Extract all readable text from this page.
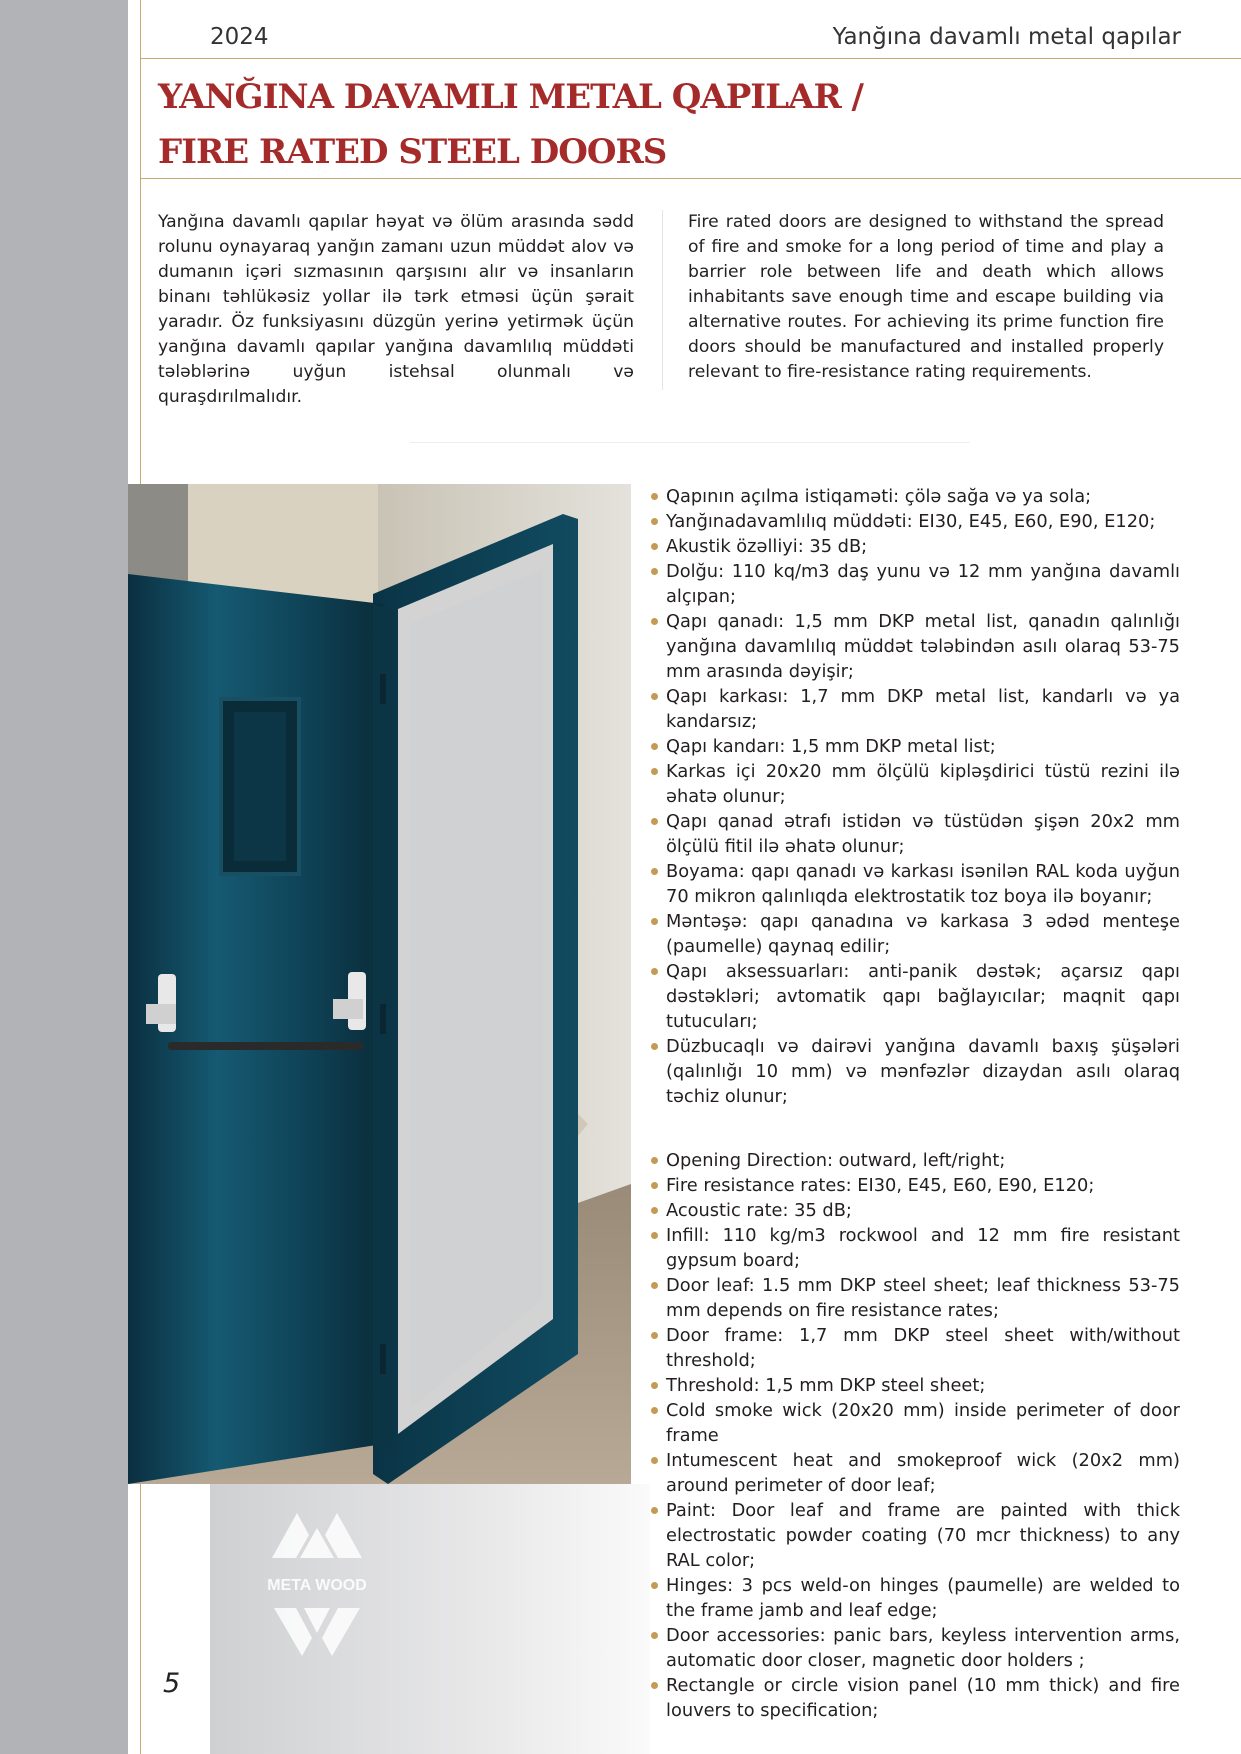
2024	Yanğına davamlı metal qapılar
YANĞINA DAVAMLI METAL QAPILAR /
FIRE RATED STEEL DOORS

Yanğına davamlı qapılar həyat və ölüm arasında sədd rolunu oynayaraq yanğın zamanı uzun müddət alov və dumanın içəri sızmasının qarşısını alır və insanların binanı təhlükəsiz yollar ilə tərk etməsi üçün şərait yaradır. Öz funksiyasını düzgün yerinə yetirmək üçün yanğına davamlı qapılar yanğına davamlılıq müddəti tələblərinə uyğun istehsal olunmalı və quraşdırılmalıdır.

Fire rated doors are designed to withstand the spread of fire and smoke for a long period of time and play a barrier role between life and death which allows inhabitants save enough time and escape building via alternative routes. For achieving its prime function fire doors should be manufactured and installed properly relevant to fire-resistance rating requirements.

Qapının açılma istiqaməti: çölə sağa və ya sola;
Yanğınadavamlılıq müddəti: EI30, E45, E60, E90, E120;
Akustik özəlliyi: 35 dB;
Dolğu: 110 kq/m3 daş yunu və 12 mm yanğına davamlı alçıpan;
Qapı qanadı: 1,5 mm DKP metal list, qanadın qalınlığı yanğına davamlılıq müddət tələbindən asılı olaraq 53-75 mm arasında dəyişir;
Qapı karkası: 1,7 mm DKP metal list, kandarlı və ya kandarsız;
Qapı kandarı: 1,5 mm DKP metal list;
Karkas içi 20x20 mm ölçülü kipləşdirici tüstü rezini ilə əhatə olunur;
Qapı qanad ətrafı istidən və tüstüdən şişən 20x2 mm ölçülü fitil ilə əhatə olunur;
Boyama: qapı qanadı və karkası isənilən RAL koda uyğun 70 mikron qalınlıqda elektrostatik toz boya ilə boyanır;
Məntəşə: qapı qanadına və karkasa 3 ədəd menteşe (paumelle) qaynaq edilir;
Qapı aksessuarları: anti-panik dəstək; açarsız qapı dəstəkləri; avtomatik qapı bağlayıcılar; maqnit qapı tutucuları;
Düzbucaqlı və dairəvi yanğına davamlı baxış şüşələri (qalınlığı 10 mm) və mənfəzlər dizaydan asılı olaraq təchiz olunur;
Opening Direction: outward, left/right;
Fire resistance rates: EI30, E45, E60, E90, E120;
Acoustic rate: 35 dB;
Infill: 110 kg/m3 rockwool and 12 mm fire resistant gypsum board;
Door leaf: 1.5 mm DKP steel sheet; leaf thickness 53-75 mm depends on fire resistance rates;
Door frame: 1,7 mm DKP steel sheet with/without threshold;
Threshold: 1,5 mm DKP steel sheet;
Cold smoke wick (20x20 mm) inside perimeter of door frame
Intumescent heat and smokeproof wick (20x2 mm) around perimeter of door leaf;
Paint: Door leaf and frame are painted with thick electrostatic powder coating (70 mcr thickness) to any RAL color;
Hinges: 3 pcs weld-on hinges (paumelle) are welded to the frame jamb and leaf edge;
Door accessories: panic bars, keyless intervention arms, automatic door closer, magnetic door holders ;
Rectangle or circle vision panel (10 mm thick) and fire louvers to specification;
META WOOD
5
